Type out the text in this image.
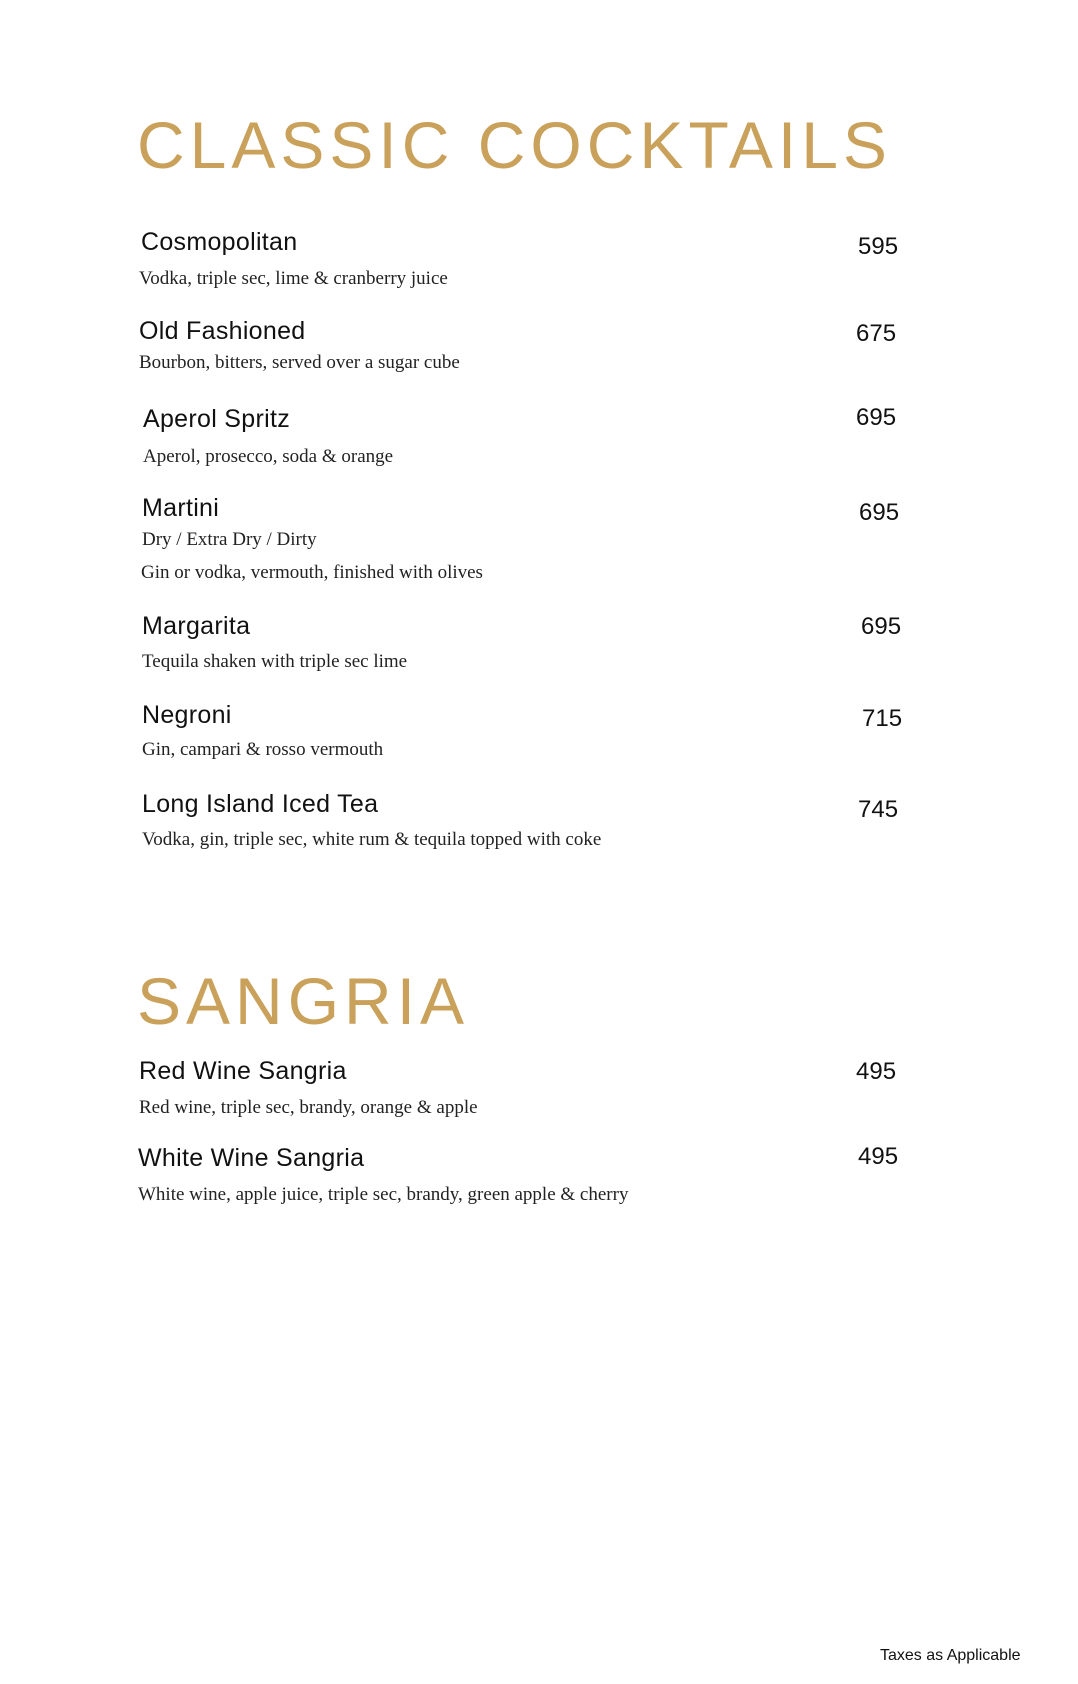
CLASSIC COCKTAILS
Cosmopolitan	595
Vodka, triple sec, lime & cranberry juice
Old Fashioned	675
Bourbon, bitters, served over a sugar cube
Aperol Spritz	695
Aperol, prosecco, soda & orange
Martini	695
Dry / Extra Dry / Dirty
Gin or vodka, vermouth, finished with olives
Margarita	695
Tequila shaken with triple sec lime
Negroni	715
Gin, campari & rosso vermouth
Long Island Iced Tea	745
Vodka, gin, triple sec, white rum & tequila topped with coke
SANGRIA
Red Wine Sangria	495
Red wine, triple sec, brandy, orange & apple
White Wine Sangria	495
White wine, apple juice, triple sec, brandy, green apple & cherry
Taxes as Applicable
